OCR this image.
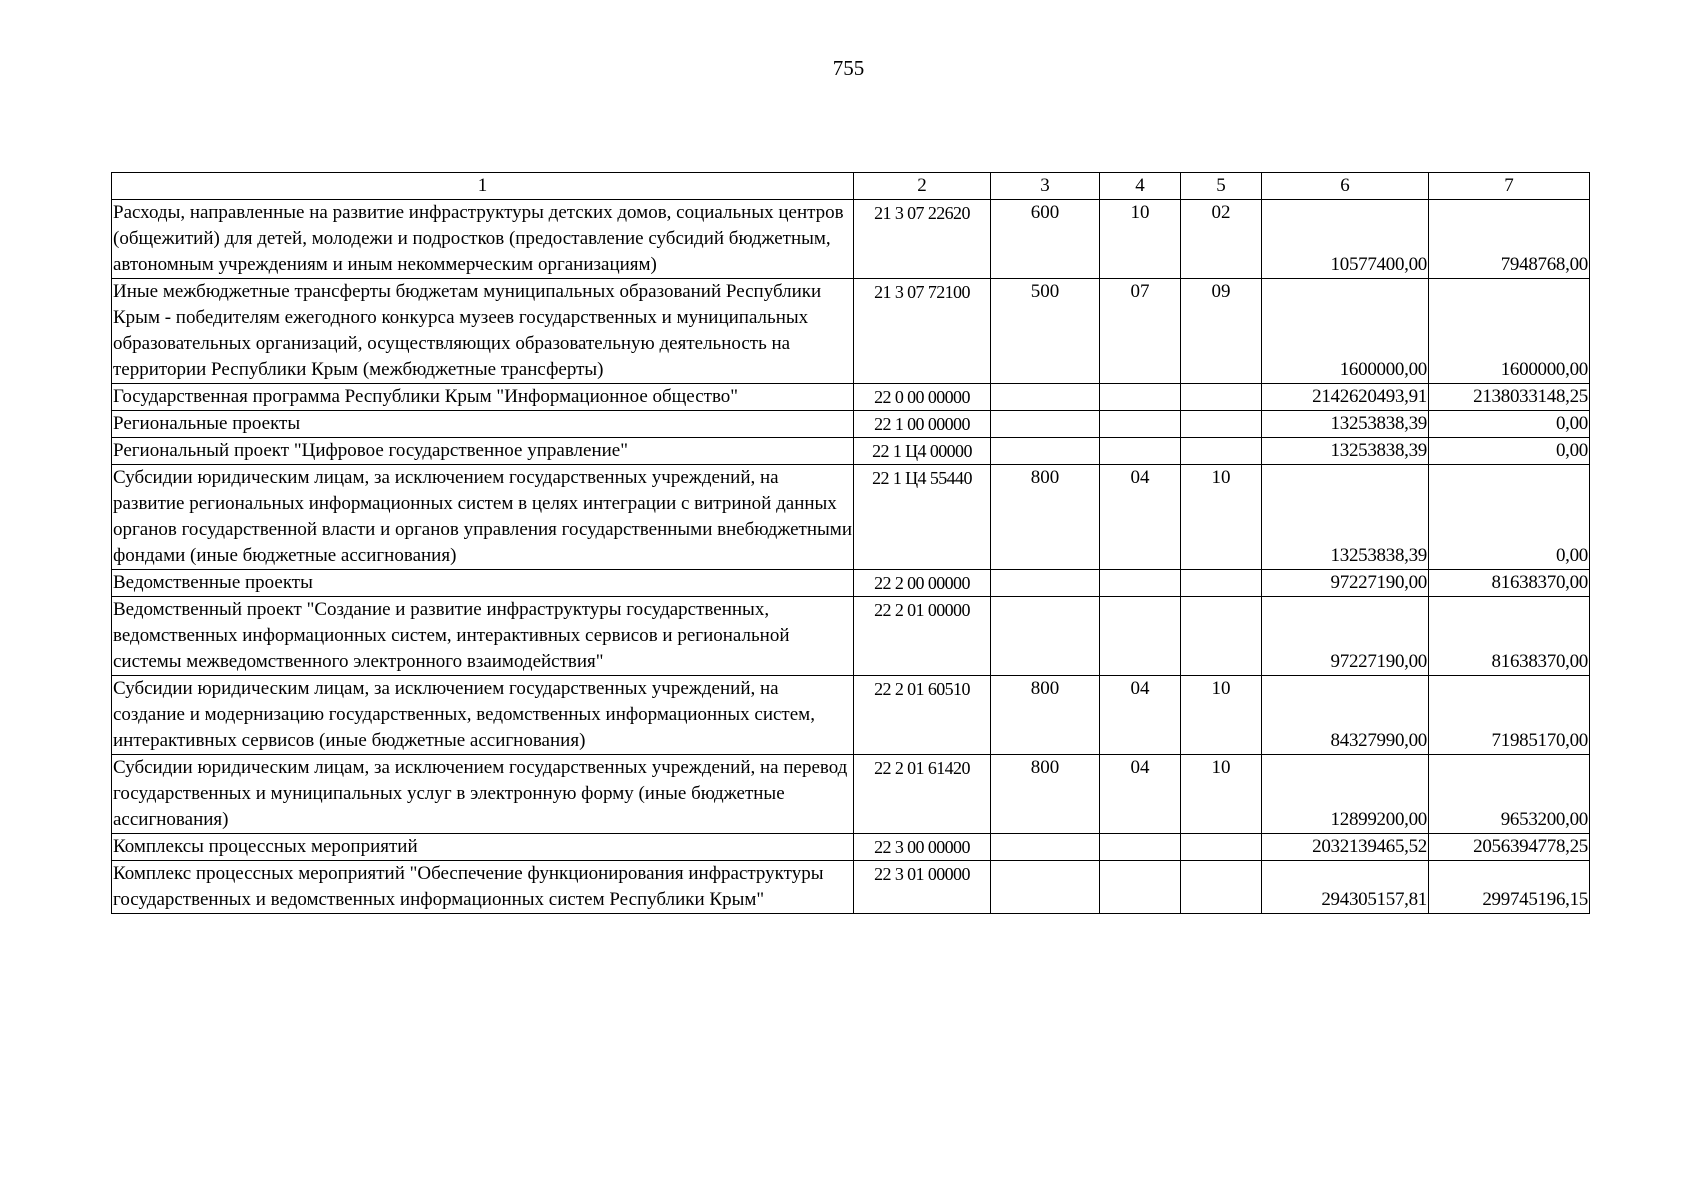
755
1	2	3	4	5	6	7
Расходы, направленные на развитие инфраструктуры детских домов, социальных центров (общежитий) для детей, молодежи и подростков (предоставление субсидий бюджетным, автономным учреждениям и иным некоммерческим организациям)	21 3 07 22620	600	10	02	10577400,00	7948768,00
Иные межбюджетные трансферты бюджетам муниципальных образований Республики Крым - победителям ежегодного конкурса музеев государственных и муниципальных образовательных организаций, осуществляющих образовательную деятельность на территории Республики Крым (межбюджетные трансферты)	21 3 07 72100	500	07	09	1600000,00	1600000,00
Государственная программа Республики Крым "Информационное общество"	22 0 00 00000				2142620493,91	2138033148,25
Региональные проекты	22 1 00 00000				13253838,39	0,00
Региональный проект "Цифровое государственное управление"	22 1 Ц4 00000				13253838,39	0,00
Субсидии юридическим лицам, за исключением государственных учреждений, на развитие региональных информационных систем в целях интеграции с витриной данных органов государственной власти и органов управления государственными внебюджетными фондами (иные бюджетные ассигнования)	22 1 Ц4 55440	800	04	10	13253838,39	0,00
Ведомственные проекты	22 2 00 00000				97227190,00	81638370,00
Ведомственный проект "Создание и развитие инфраструктуры государственных, ведомственных информационных систем, интерактивных сервисов и региональной системы межведомственного электронного взаимодействия"	22 2 01 00000				97227190,00	81638370,00
Субсидии юридическим лицам, за исключением государственных учреждений, на создание и модернизацию государственных, ведомственных информационных систем, интерактивных сервисов (иные бюджетные ассигнования)	22 2 01 60510	800	04	10	84327990,00	71985170,00
Субсидии юридическим лицам, за исключением государственных учреждений, на перевод государственных и муниципальных услуг в электронную форму (иные бюджетные ассигнования)	22 2 01 61420	800	04	10	12899200,00	9653200,00
Комплексы процессных мероприятий	22 3 00 00000				2032139465,52	2056394778,25
Комплекс процессных мероприятий "Обеспечение функционирования инфраструктуры государственных и ведомственных информационных систем Республики Крым"	22 3 01 00000				294305157,81	299745196,15
